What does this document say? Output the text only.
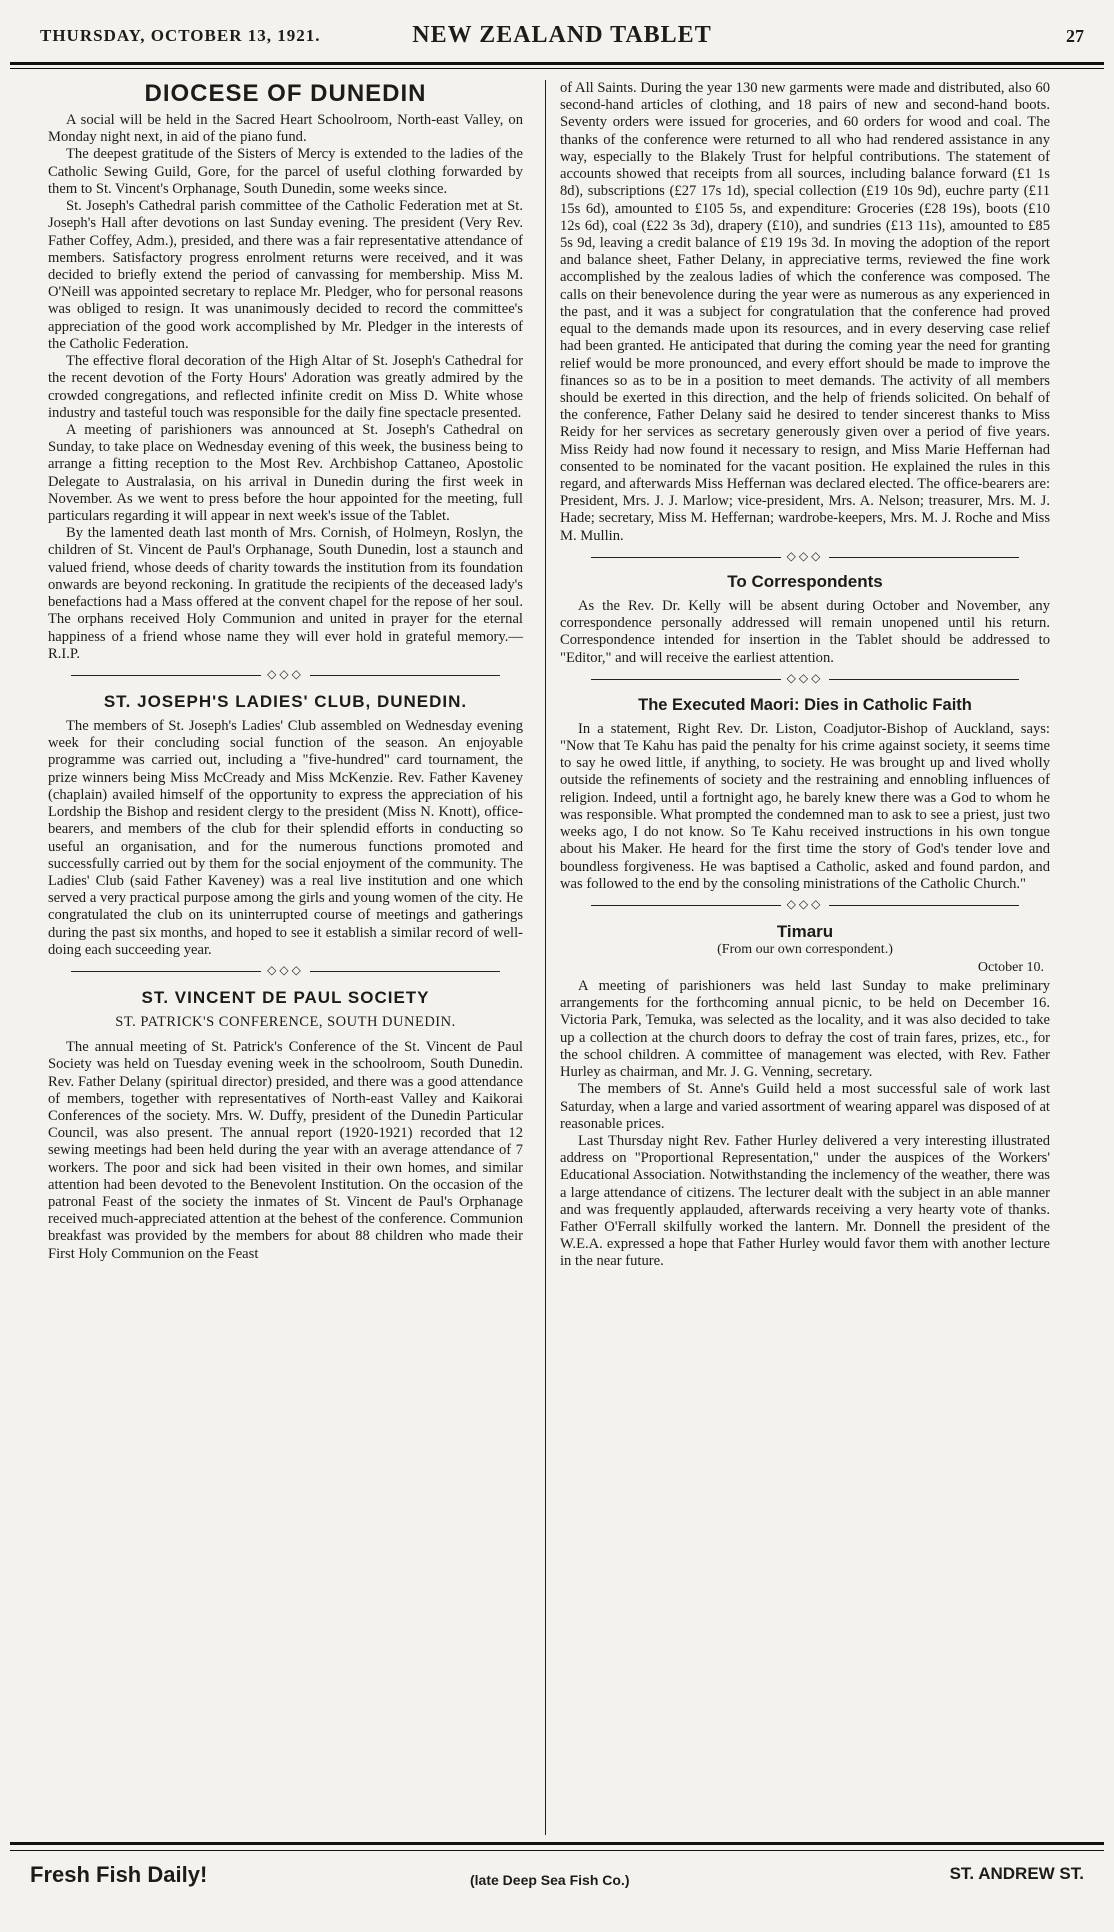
THURSDAY, OCTOBER 13, 1921.	NEW ZEALAND TABLET	27
DIOCESE OF DUNEDIN

A social will be held in the Sacred Heart Schoolroom, North-east Valley, on Monday night next, in aid of the piano fund.

The deepest gratitude of the Sisters of Mercy is extended to the ladies of the Catholic Sewing Guild, Gore, for the parcel of useful clothing forwarded by them to St. Vincent's Orphanage, South Dunedin, some weeks since.

St. Joseph's Cathedral parish committee of the Catholic Federation met at St. Joseph's Hall after devotions on last Sunday evening. The president (Very Rev. Father Coffey, Adm.), presided, and there was a fair representative attendance of members. Satisfactory progress enrolment returns were received, and it was decided to briefly extend the period of canvassing for membership. Miss M. O'Neill was appointed secretary to replace Mr. Pledger, who for personal reasons was obliged to resign. It was unanimously decided to record the committee's appreciation of the good work accomplished by Mr. Pledger in the interests of the Catholic Federation.

The effective floral decoration of the High Altar of St. Joseph's Cathedral for the recent devotion of the Forty Hours' Adoration was greatly admired by the crowded congregations, and reflected infinite credit on Miss D. White whose industry and tasteful touch was responsible for the daily fine spectacle presented.

A meeting of parishioners was announced at St. Joseph's Cathedral on Sunday, to take place on Wednesday evening of this week, the business being to arrange a fitting reception to the Most Rev. Archbishop Cattaneo, Apostolic Delegate to Australasia, on his arrival in Dunedin during the first week in November. As we went to press before the hour appointed for the meeting, full particulars regarding it will appear in next week's issue of the Tablet.

By the lamented death last month of Mrs. Cornish, of Holmeyn, Roslyn, the children of St. Vincent de Paul's Orphanage, South Dunedin, lost a staunch and valued friend, whose deeds of charity towards the institution from its foundation onwards are beyond reckoning. In gratitude the recipients of the deceased lady's benefactions had a Mass offered at the convent chapel for the repose of her soul. The orphans received Holy Communion and united in prayer for the eternal happiness of a friend whose name they will ever hold in grateful memory.—R.I.P.

◇◇◇
ST. JOSEPH'S LADIES' CLUB, DUNEDIN.

The members of St. Joseph's Ladies' Club assembled on Wednesday evening week for their concluding social function of the season. An enjoyable programme was carried out, including a "five-hundred" card tournament, the prize winners being Miss McCready and Miss McKenzie. Rev. Father Kaveney (chaplain) availed himself of the opportunity to express the appreciation of his Lordship the Bishop and resident clergy to the president (Miss N. Knott), office-bearers, and members of the club for their splendid efforts in conducting so useful an organisation, and for the numerous functions promoted and successfully carried out by them for the social enjoyment of the community. The Ladies' Club (said Father Kaveney) was a real live institution and one which served a very practical purpose among the girls and young women of the city. He congratulated the club on its uninterrupted course of meetings and gatherings during the past six months, and hoped to see it establish a similar record of well-doing each succeeding year.

◇◇◇
ST. VINCENT DE PAUL SOCIETY
ST. PATRICK'S CONFERENCE, SOUTH DUNEDIN.

The annual meeting of St. Patrick's Conference of the St. Vincent de Paul Society was held on Tuesday evening week in the schoolroom, South Dunedin. Rev. Father Delany (spiritual director) presided, and there was a good attendance of members, together with representatives of North-east Valley and Kaikorai Conferences of the society. Mrs. W. Duffy, president of the Dunedin Particular Council, was also present. The annual report (1920-1921) recorded that 12 sewing meetings had been held during the year with an average attendance of 7 workers. The poor and sick had been visited in their own homes, and similar attention had been devoted to the Benevolent Institution. On the occasion of the patronal Feast of the society the inmates of St. Vincent de Paul's Orphanage received much-appreciated attention at the behest of the conference. Communion breakfast was provided by the members for about 88 children who made their First Holy Communion on the Feast

of All Saints. During the year 130 new garments were made and distributed, also 60 second-hand articles of clothing, and 18 pairs of new and second-hand boots. Seventy orders were issued for groceries, and 60 orders for wood and coal. The thanks of the conference were returned to all who had rendered assistance in any way, especially to the Blakely Trust for helpful contributions. The statement of accounts showed that receipts from all sources, including balance forward (£1 1s 8d), subscriptions (£27 17s 1d), special collection (£19 10s 9d), euchre party (£11 15s 6d), amounted to £105 5s, and expenditure: Groceries (£28 19s), boots (£10 12s 6d), coal (£22 3s 3d), drapery (£10), and sundries (£13 11s), amounted to £85 5s 9d, leaving a credit balance of £19 19s 3d. In moving the adoption of the report and balance sheet, Father Delany, in appreciative terms, reviewed the fine work accomplished by the zealous ladies of which the conference was composed. The calls on their benevolence during the year were as numerous as any experienced in the past, and it was a subject for congratulation that the conference had proved equal to the demands made upon its resources, and in every deserving case relief had been granted. He anticipated that during the coming year the need for granting relief would be more pronounced, and every effort should be made to improve the finances so as to be in a position to meet demands. The activity of all members should be exerted in this direction, and the help of friends solicited. On behalf of the conference, Father Delany said he desired to tender sincerest thanks to Miss Reidy for her services as secretary generously given over a period of five years. Miss Reidy had now found it necessary to resign, and Miss Marie Heffernan had consented to be nominated for the vacant position. He explained the rules in this regard, and afterwards Miss Heffernan was declared elected. The office-bearers are: President, Mrs. J. J. Marlow; vice-president, Mrs. A. Nelson; treasurer, Mrs. M. J. Hade; secretary, Miss M. Heffernan; wardrobe-keepers, Mrs. M. J. Roche and Miss M. Mullin.

◇◇◇
To Correspondents

As the Rev. Dr. Kelly will be absent during October and November, any correspondence personally addressed will remain unopened until his return. Correspondence intended for insertion in the Tablet should be addressed to "Editor," and will receive the earliest attention.

◇◇◇
The Executed Maori: Dies in Catholic Faith

In a statement, Right Rev. Dr. Liston, Coadjutor-Bishop of Auckland, says: "Now that Te Kahu has paid the penalty for his crime against society, it seems time to say he owed little, if anything, to society. He was brought up and lived wholly outside the refinements of society and the restraining and ennobling influences of religion. Indeed, until a fortnight ago, he barely knew there was a God to whom he was responsible. What prompted the condemned man to ask to see a priest, just two weeks ago, I do not know. So Te Kahu received instructions in his own tongue about his Maker. He heard for the first time the story of God's tender love and boundless forgiveness. He was baptised a Catholic, asked and found pardon, and was followed to the end by the consoling ministrations of the Catholic Church."

◇◇◇
Timaru
(From our own correspondent.)
October 10.

A meeting of parishioners was held last Sunday to make preliminary arrangements for the forthcoming annual picnic, to be held on December 16. Victoria Park, Temuka, was selected as the locality, and it was also decided to take up a collection at the church doors to defray the cost of train fares, prizes, etc., for the school children. A committee of management was elected, with Rev. Father Hurley as chairman, and Mr. J. G. Venning, secretary.

The members of St. Anne's Guild held a most successful sale of work last Saturday, when a large and varied assortment of wearing apparel was disposed of at reasonable prices.

Last Thursday night Rev. Father Hurley delivered a very interesting illustrated address on "Proportional Representation," under the auspices of the Workers' Educational Association. Notwithstanding the inclemency of the weather, there was a large attendance of citizens. The lecturer dealt with the subject in an able manner and was frequently applauded, afterwards receiving a very hearty vote of thanks. Father O'Ferrall skilfully worked the lantern. Mr. Donnell the president of the W.E.A. expressed a hope that Father Hurley would favor them with another lecture in the near future.

Fresh Fish Daily!	(late Deep Sea Fish Co.)	ST. ANDREW ST.
